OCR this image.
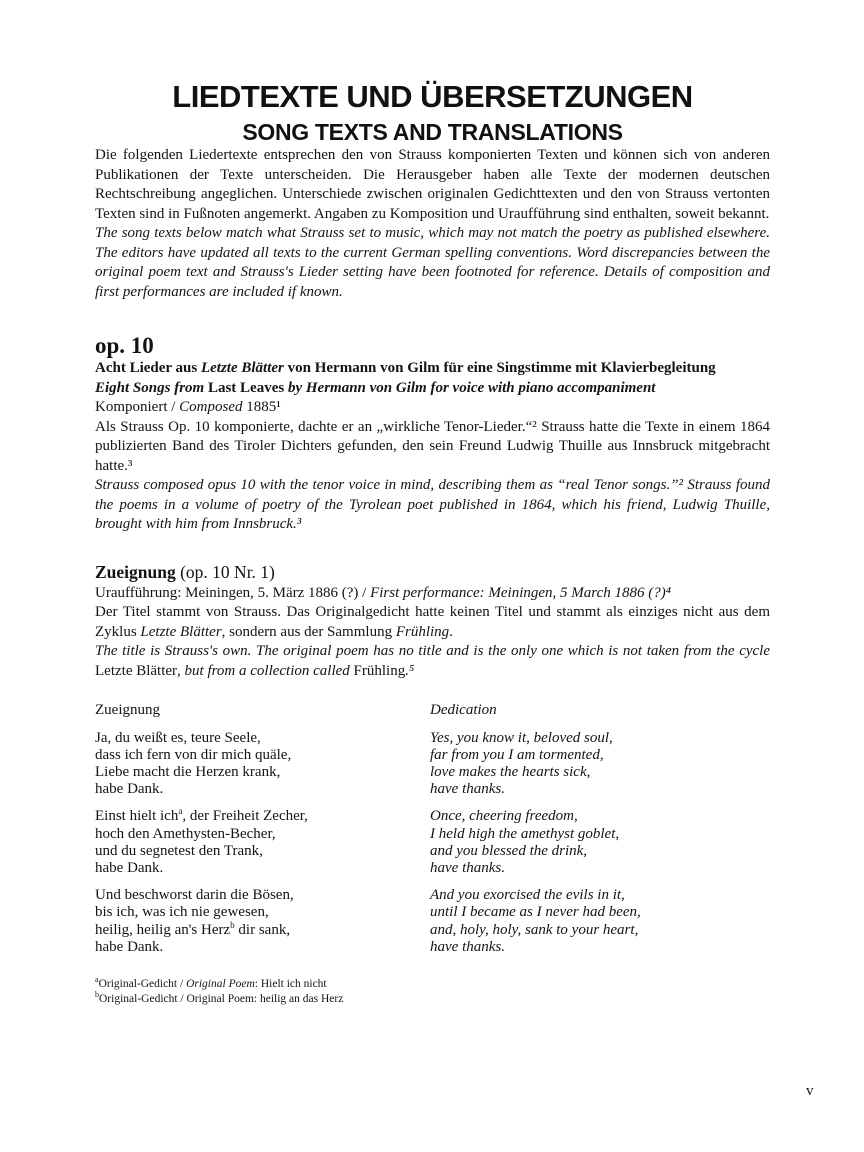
LIEDTEXTE UND ÜBERSETZUNGEN
SONG TEXTS AND TRANSLATIONS

Die folgenden Liedertexte entsprechen den von Strauss komponierten Texten und können sich von anderen Publikationen der Texte unterscheiden. Die Herausgeber haben alle Texte der modernen deutschen Rechtschreibung angeglichen. Unterschiede zwischen originalen Gedichttexten und den von Strauss vertonten Texten sind in Fußnoten angemerkt. Angaben zu Komposition und Uraufführung sind enthalten, soweit bekannt.

The song texts below match what Strauss set to music, which may not match the poetry as published elsewhere. The editors have updated all texts to the current German spelling conventions. Word discrepancies between the original poem text and Strauss's Lieder setting have been footnoted for reference. Details of composition and first performances are included if known.

op. 10

Acht Lieder aus Letzte Blätter von Hermann von Gilm für eine Singstimme mit Klavierbegleitung

Eight Songs from Last Leaves by Hermann von Gilm for voice with piano accompaniment

Komponiert / Composed 1885¹

Als Strauss Op. 10 komponierte, dachte er an „wirkliche Tenor-Lieder.“² Strauss hatte die Texte in einem 1864 publizierten Band des Tiroler Dichters gefunden, den sein Freund Ludwig Thuille aus Innsbruck mitgebracht hatte.³

Strauss composed opus 10 with the tenor voice in mind, describing them as “real Tenor songs.”² Strauss found the poems in a volume of poetry of the Tyrolean poet published in 1864, which his friend, Ludwig Thuille, brought with him from Innsbruck.³

Zueignung (op. 10 Nr. 1)

Uraufführung: Meiningen, 5. März 1886 (?) / First performance: Meiningen, 5 March 1886 (?)⁴

Der Titel stammt von Strauss. Das Originalgedicht hatte keinen Titel und stammt als einziges nicht aus dem Zyklus Letzte Blätter, sondern aus der Sammlung Frühling.

The title is Strauss's own. The original poem has no title and is the only one which is not taken from the cycle Letzte Blätter, but from a collection called Frühling.⁵

Zueignung
Ja, du weißt es, teure Seele,
dass ich fern von dir mich quäle,
Liebe macht die Herzen krank,
habe Dank.
Einst hielt ich$^a$, der Freiheit Zecher,
hoch den Amethysten-Becher,
und du segnetest den Trank,
habe Dank.
Und beschworst darin die Bösen,
bis ich, was ich nie gewesen,
heilig, heilig an's Herz$^b$ dir sank,
habe Dank.
Dedication
Yes, you know it, beloved soul,
far from you I am tormented,
love makes the hearts sick,
have thanks.
Once, cheering freedom,
I held high the amethyst goblet,
and you blessed the drink,
have thanks.
And you exorcised the evils in it,
until I became as I never had been,
and, holy, holy, sank to your heart,
have thanks.
$^a$Original-Gedicht / Original Poem: Hielt ich nicht
$^b$Original-Gedicht / Original Poem: heilig an das Herz
v
